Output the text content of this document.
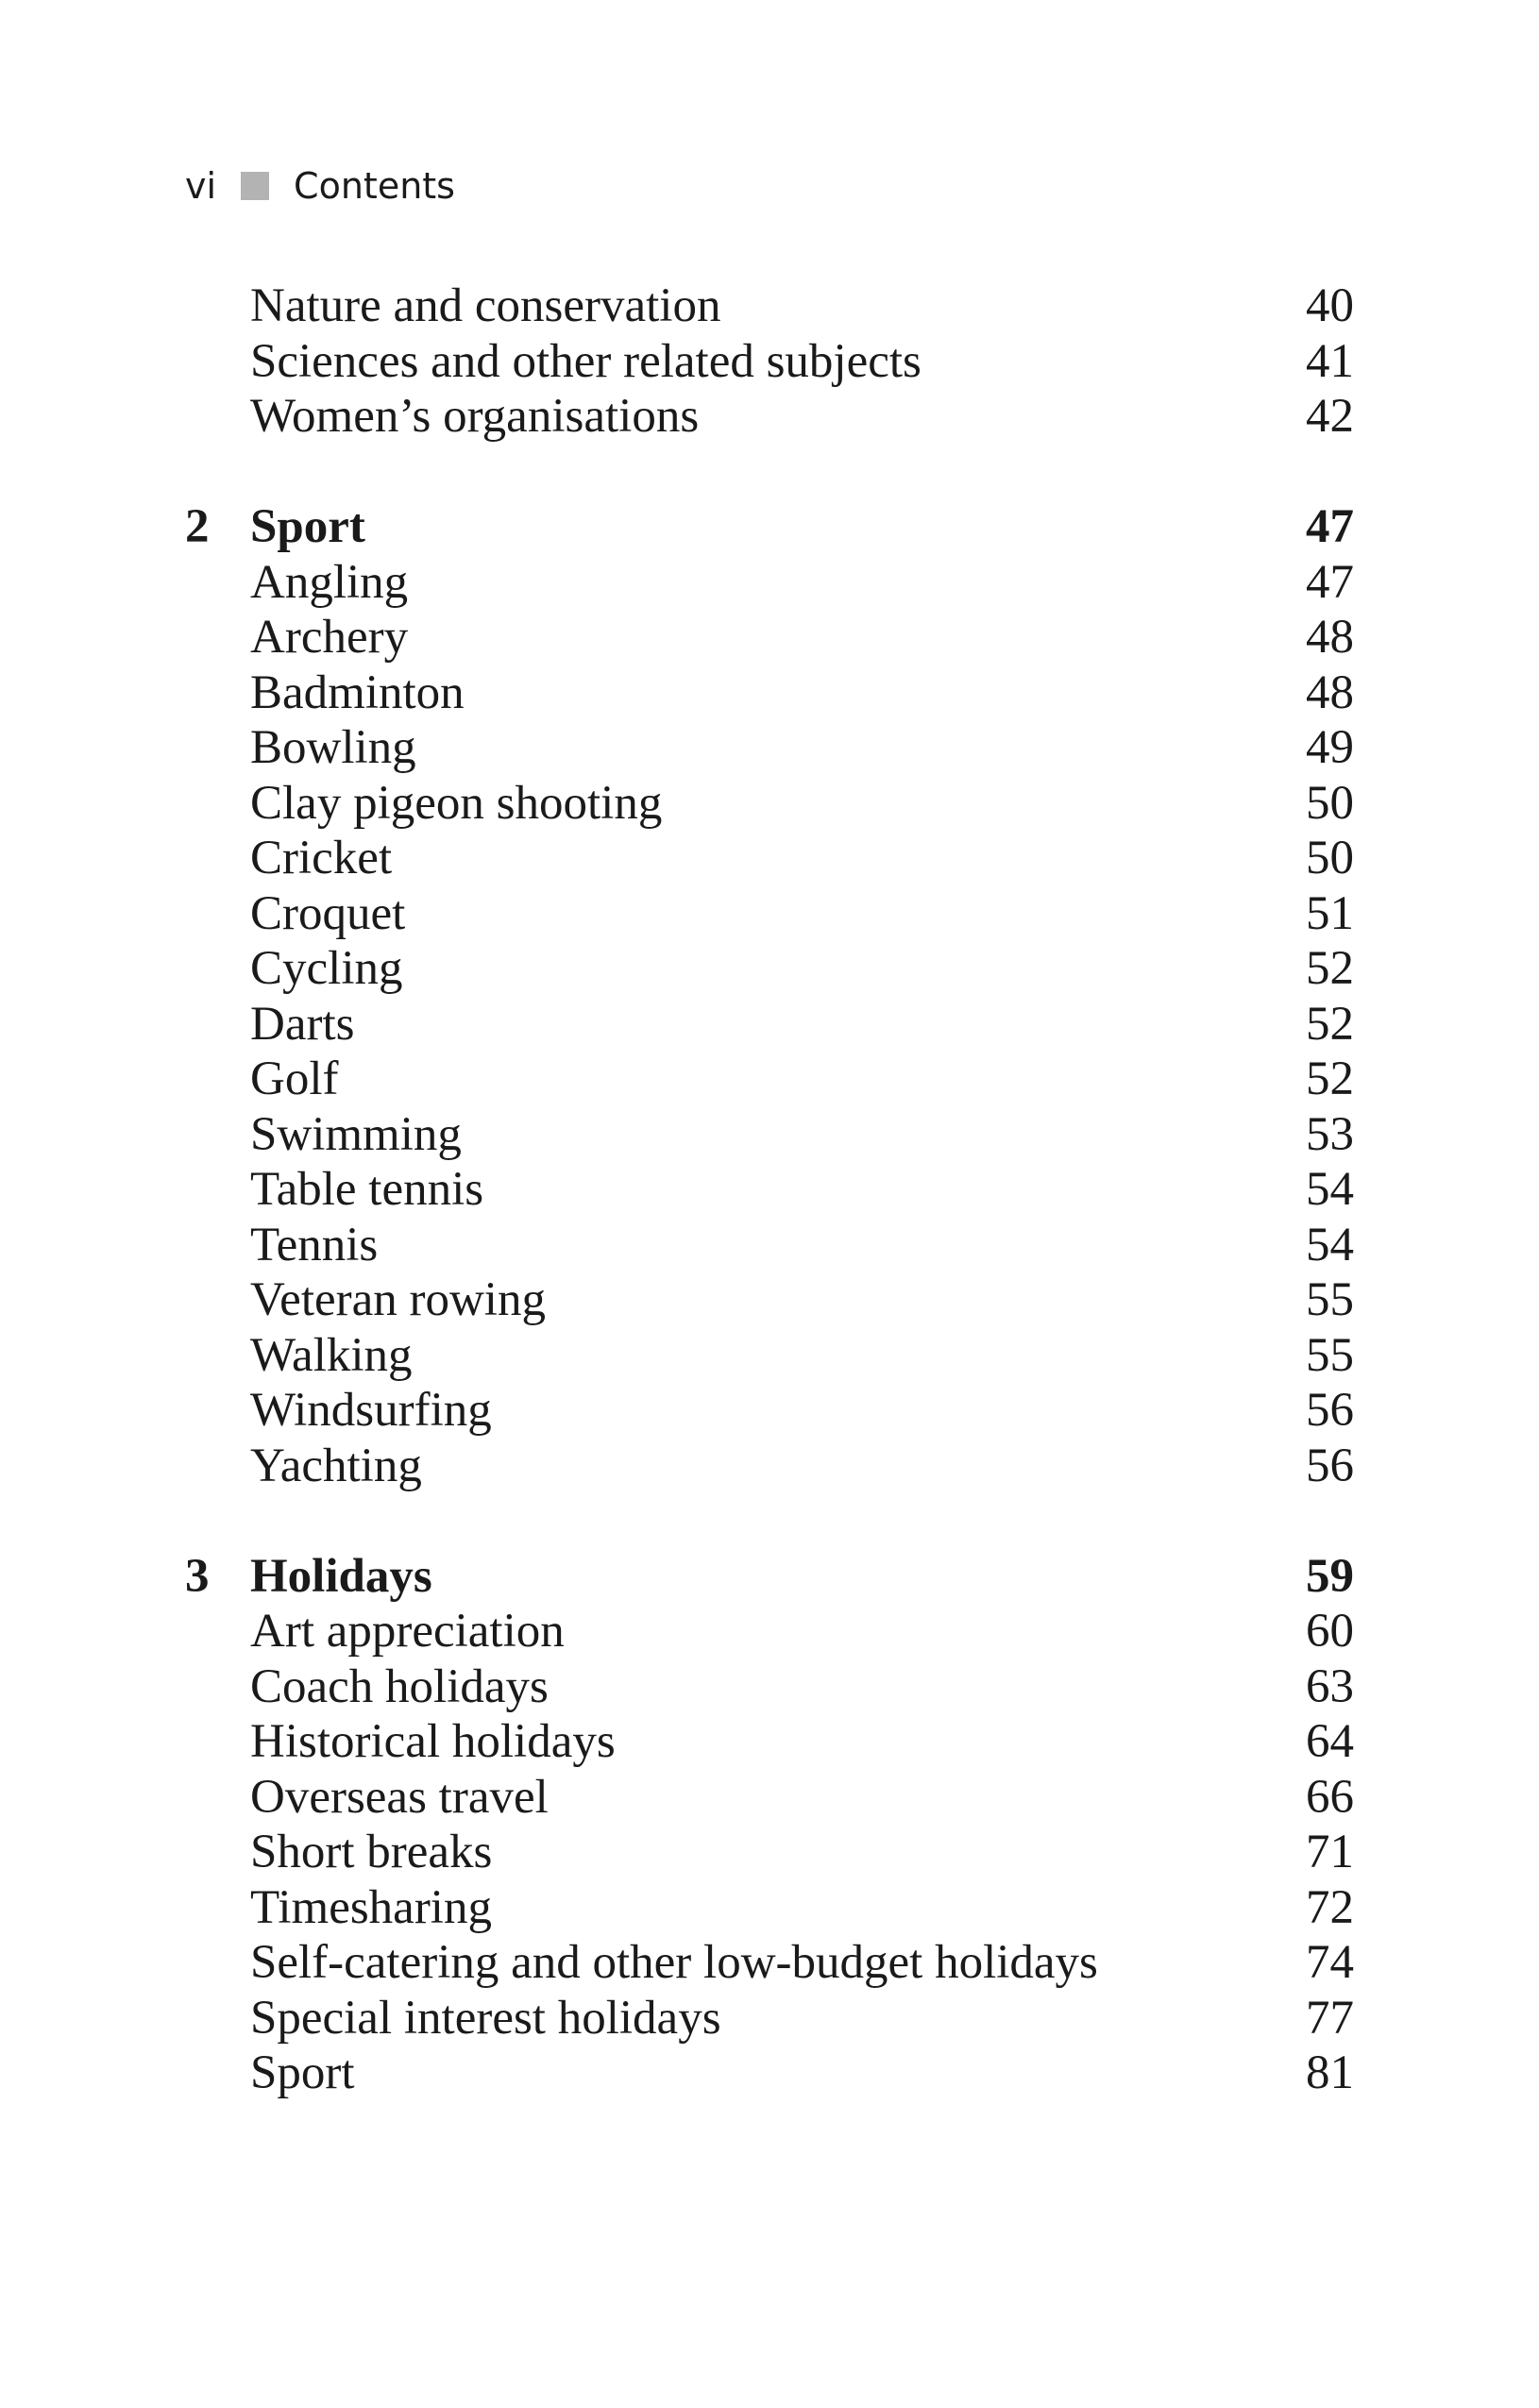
vi Contents
Nature and conservation	40
Sciences and other related subjects	41
Women’s organisations	42
2 Sport	47
Angling	47
Archery	48
Badminton	48
Bowling	49
Clay pigeon shooting	50
Cricket	50
Croquet	51
Cycling	52
Darts	52
Golf	52
Swimming	53
Table tennis	54
Tennis	54
Veteran rowing	55
Walking	55
Windsurfing	56
Yachting	56
3 Holidays	59
Art appreciation	60
Coach holidays	63
Historical holidays	64
Overseas travel	66
Short breaks	71
Timesharing	72
Self-catering and other low-budget holidays	74
Special interest holidays	77
Sport	81
